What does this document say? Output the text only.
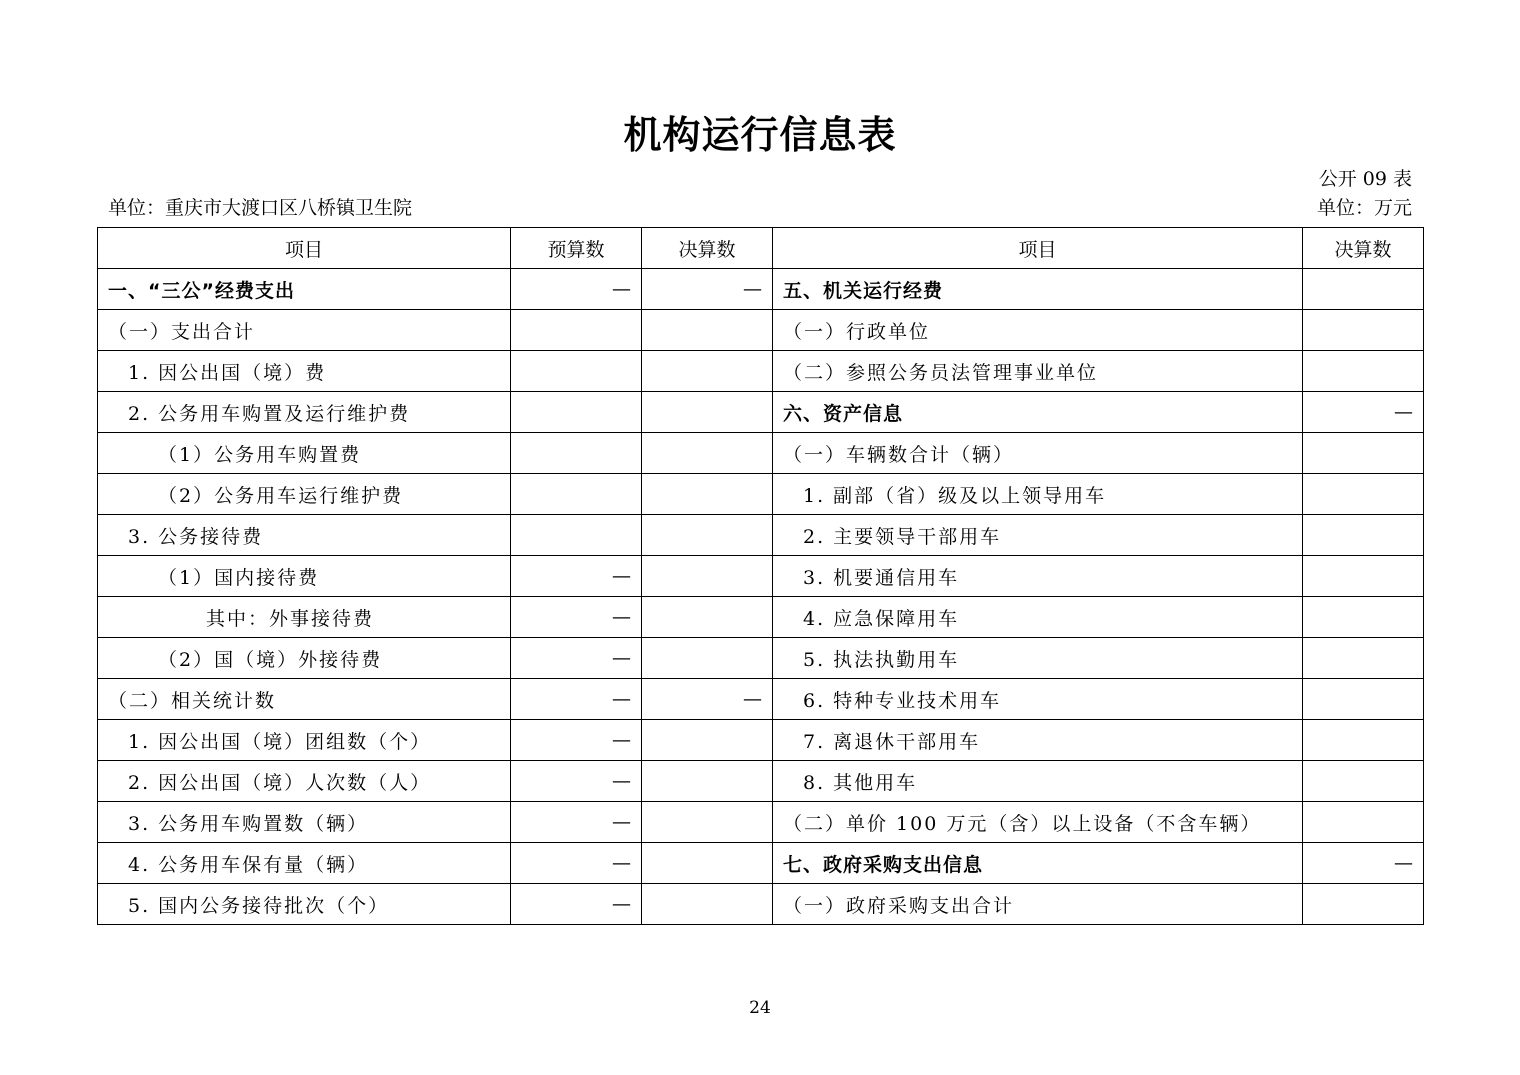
机构运行信息表
公开 09 表
单位：重庆市大渡口区八桥镇卫生院	单位：万元
项目	预算数	决算数	项目	决算数
一、“三公”经费支出	—	—	五、机关运行经费	
（一）支出合计			（一）行政单位	
1. 因公出国（境）费			（二）参照公务员法管理事业单位	
2. 公务用车购置及运行维护费			六、资产信息	—
（1）公务用车购置费			（一）车辆数合计（辆）	
（2）公务用车运行维护费			1. 副部（省）级及以上领导用车	
3. 公务接待费			2. 主要领导干部用车	
（1）国内接待费	—		3. 机要通信用车	
其中：外事接待费	—		4. 应急保障用车	
（2）国（境）外接待费	—		5. 执法执勤用车	
（二）相关统计数	—	—	6. 特种专业技术用车	
1. 因公出国（境）团组数（个）	—		7. 离退休干部用车	
2. 因公出国（境）人次数（人）	—		8. 其他用车	
3. 公务用车购置数（辆）	—		（二）单价 100 万元（含）以上设备（不含车辆）	
4. 公务用车保有量（辆）	—		七、政府采购支出信息	—
5. 国内公务接待批次（个）	—		（一）政府采购支出合计	
24
